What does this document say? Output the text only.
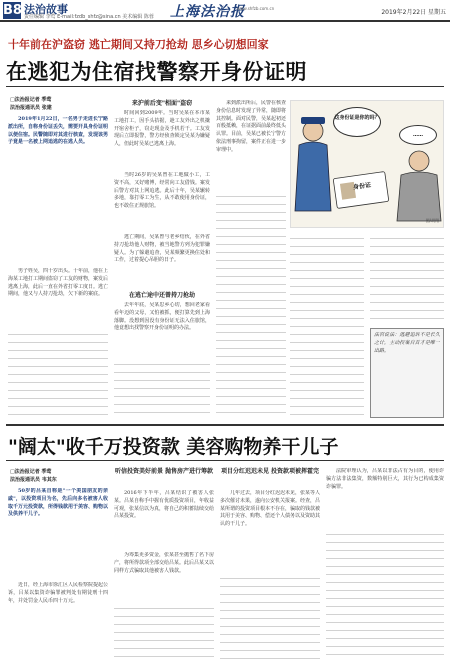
B8 法治故事
责任编辑 李莺 E-mail:fzdb_shfz@sina.cn 美术编辑 陈蓉 上海法治报
www.shfzb.com.cn
2019年2月22日 星期五
十年前在沪盗窃 逃亡期间又持刀抢劫 思乡心切想回家
在逃犯为住宿找警察开身份证明
□法治报记者 季莺
法治报通讯员 张建
2019年1月22日，一名男子走进长宁路派出所，自称身份证丢失，需要开具身份证明以便住宿。民警随即对其进行核查，发现该男子竟是一名被上网追逃的在逃人员。
男子姓吴，四十岁出头。十年前，他在上海某工地打工期间盗窃了工友的财物，案发后逃离上海，此后一直在外省打零工度日。逃亡期间，他又与人持刀抢劫，欠下新的案底。
来沪前后变"相面"盗窃
时间回到2009年。当时吴某在本市某工地打工，因手头拮据，趁工友外出之机撬开宿舍柜子，窃走现金及手机若干。工友发现后立即报警，警方经侦查锁定吴某为嫌疑人，但此时吴某已逃离上海。
当时26岁的吴某曾在工地做小工，工资不高，又好赌博，经常向工友借钱。案发后警方对其上网追逃。此后十年，吴某辗转多地，靠打零工为生，从不敢使用身份证，也不敢住正规旅馆。
逃亡期间，吴某曾与老乡结伙，在外省持刀抢劫他人财物，被当地警方列为犯罪嫌疑人。为了躲避追查，吴某频繁更换住处和工作，过着提心吊胆的日子。
在逃亡途中还曾持刀抢劫
去年年底，吴某思乡心切，想回老家看看年迈的父母，又怕被抓，便打算先到上海落脚。没想到因没有身份证无法入住旅馆，他竟想出找警察开身份证明的办法。
来到派出所后，民警在核查身份信息时发现了异常，随即将其控制。面对民警，吴某起初还百般抵赖，在证据面前最终低头认罪。目前，吴某已被长宁警方依法刑事拘留，案件正在进一步审理中。
这身份证是你的吗？
……
身份证
图/胡翔
法官说法：逃避追诉不是长久之计，主动投案自首才是唯一出路。
"阔太"收千万投资款 美容购物养干儿子
□法治报记者 季莺
法治报通讯员 韦其东
50岁的吕某自称是"一个美国朋友的亲戚"，以投资项目为名，先后向多名被害人收取千万元投资款，所得钱款用于美容、购物以及供养干儿子。
近日，经上海市徐汇区人民检察院提起公诉，吕某以集资诈骗罪被判处有期徒刑十四年，并处罚金人民币四十万元。
听信投资美好前景 抛售房产进行筹款
2016年下半年，吕某结识了被害人张某。吕某自称手中握有优质投资项目，年收益可观，张某信以为真，将自己的积蓄陆续交给吕某投资。
为筹集更多资金，张某甚至抛售了名下房产，将所得款项全部交给吕某。此后吕某又以同样方式骗取其他被害人钱款。
项目分红迟迟未见 投资款项被挥霍完
几年过去，项目分红迟迟未见，张某等人多次催讨未果，遂向公安机关报案。经查，吕某所谓的投资项目根本不存在，骗取的钱款被其用于美容、购物、偿还个人债务以及资助其认的干儿子。
法院审理认为，吕某以非法占有为目的，使用诈骗方法非法集资，数额特别巨大，其行为已构成集资诈骗罪。
